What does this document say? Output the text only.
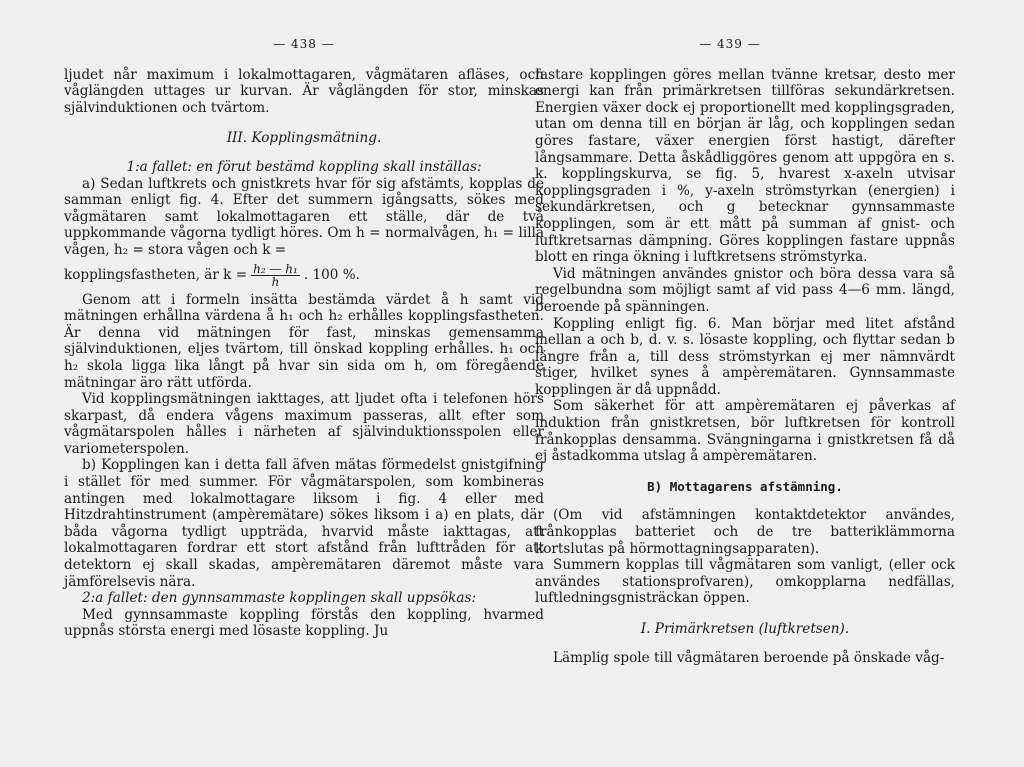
— 438 —

ljudet når maximum i lokalmottagaren, vågmätaren afläses, och våglängden uttages ur kurvan. Är våglängden för stor, minskas självinduktionen och tvärtom.

III. Kopplingsmätning.

1:a fallet: en förut bestämd koppling skall inställas:

a) Sedan luftkrets och gnistkrets hvar för sig afstämts, kopplas de samman enligt fig. 4. Efter det summern igångsatts, sökes med vågmätaren samt lokalmottagaren ett ställe, där de två uppkommande vågorna tydligt höres. Om h = normalvågen, h₁ = lilla vågen, h₂ = stora vågen och k =

kopplingsfastheten, är $k = \frac{\text{h₂ — h₁}}{h}$ . 100 %.

Genom att i formeln insätta bestämda värdet å h samt vid mätningen erhållna värdena å h₁ och h₂ erhålles kopplingsfastheten. Är denna vid mätningen för fast, minskas gemensamma självinduktionen, eljes tvärtom, till önskad koppling erhålles. h₁ och h₂ skola ligga lika långt på hvar sin sida om h, om föregående mätningar äro rätt utförda.

Vid kopplingsmätningen iakttages, att ljudet ofta i telefonen hörs skarpast, då endera vågens maximum passeras, allt efter som vågmätarspolen hålles i närheten af självinduktionsspolen eller variometerspolen.

b) Kopplingen kan i detta fall äfven mätas förmedelst gnistgifning i stället för med summer. För vågmätarspolen, som kombineras antingen med lokalmottagare liksom i fig. 4 eller med Hitzdrahtinstrument (ampèremätare) sökes liksom i a) en plats, där båda vågorna tydligt uppträda, hvarvid måste iakttagas, att lokalmottagaren fordrar ett stort afstånd från lufttråden för att detektorn ej skall skadas, ampèremätaren däremot måste vara jämförelsevis nära.

2:a fallet: den gynnsammaste kopplingen skall uppsökas:

Med gynnsammaste koppling förstås den koppling, hvarmed uppnås största energi med lösaste koppling. Ju

— 439 —

fastare kopplingen göres mellan tvänne kretsar, desto mer energi kan från primärkretsen tillföras sekundärkretsen. Energien växer dock ej proportionellt med kopplingsgraden, utan om denna till en början är låg, och kopplingen sedan göres fastare, växer energien först hastigt, därefter långsammare. Detta åskådliggöres genom att uppgöra en s. k. kopplingskurva, se fig. 5, hvarest x-axeln utvisar kopplingsgraden i %, y-axeln strömstyrkan (energien) i sekundärkretsen, och g betecknar gynnsammaste kopplingen, som är ett mått på summan af gnist- och luftkretsarnas dämpning. Göres kopplingen fastare uppnås blott en ringa ökning i luftkretsens strömstyrka.

Vid mätningen användes gnistor och böra dessa vara så regelbundna som möjligt samt af vid pass 4—6 mm. längd, beroende på spänningen.

Koppling enligt fig. 6. Man börjar med litet afstånd mellan a och b, d. v. s. lösaste koppling, och flyttar sedan b längre från a, till dess strömstyrkan ej mer nämnvärdt stiger, hvilket synes å ampèremätaren. Gynnsammaste kopplingen är då uppnådd.

Som säkerhet för att ampèremätaren ej påverkas af induktion från gnistkretsen, bör luftkretsen för kontroll frånkopplas densamma. Svängningarna i gnistkretsen få då ej åstadkomma utslag å ampèremätaren.

B) Mottagarens afstämning.

(Om vid afstämningen kontaktdetektor användes, frånkopplas batteriet och de tre batteriklämmorna kortslutas på hörmottagningsapparaten).

Summern kopplas till vågmätaren som vanligt, (eller ock användes stationsprofvaren), omkopplarna nedfällas, luftledningsgnisträckan öppen.

I. Primärkretsen (luftkretsen).

Lämplig spole till vågmätaren beroende på önskade våg-
